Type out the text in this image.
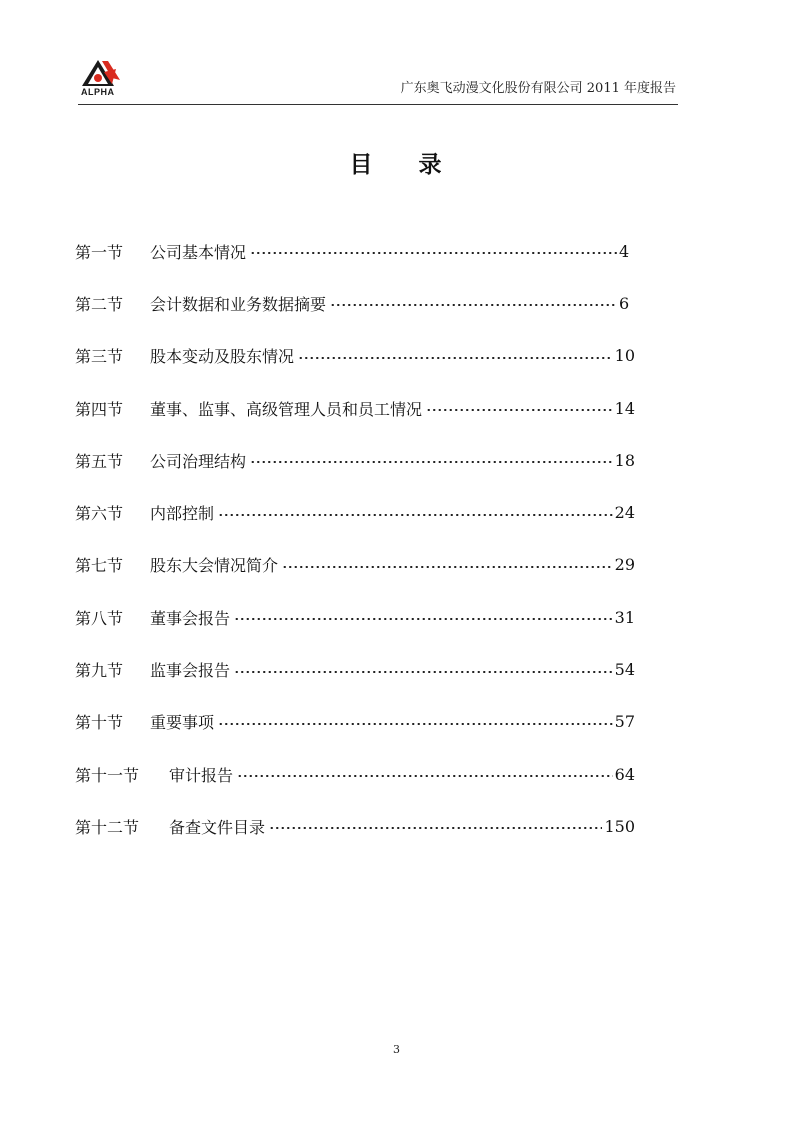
ALPHA	广东奥飞动漫文化股份有限公司 2011 年度报告
目 录
第一节	公司基本情况	4
第二节	会计数据和业务数据摘要	6
第三节	股本变动及股东情况	10
第四节	董事、监事、高级管理人员和员工情况	14
第五节	公司治理结构	18
第六节	内部控制	24
第七节	股东大会情况简介	29
第八节	董事会报告	31
第九节	监事会报告	54
第十节	重要事项	57
第十一节	审计报告	64
第十二节	备查文件目录	150
3
